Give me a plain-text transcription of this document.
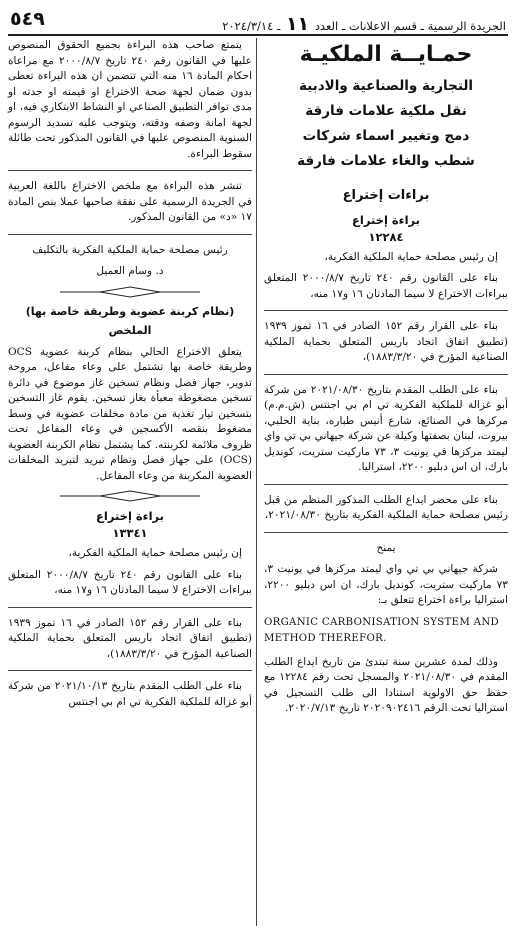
الجريدة الرسمية ـ قسم الاعلانات ـ العدد ١١ ـ ٢٠٢٤/٣/١٤
٥٤٩
حمـايــة الملكيـة
التجارية والصناعية والادبية
نقل ملكية علامات فارقة
دمج وتغيير اسماء شركات
شطب والغاء علامات فارقة
براءات إختراع
براءة إختراع
١٢٢٨٤

إن رئيس مصلحة حماية الملكية الفكرية،

بناء على القانون رقم ٢٤٠ تاريخ ٢٠٠٠/٨/٧ المتعلق ببراءات الاختراع لا سيما المادتان ١٦ و١٧ منه،

بناء على القرار رقم ١٥٢ الصادر في ١٦ تموز ١٩٣٩ (تطبيق اتفاق اتحاد باريس المتعلق بحماية الملكية الصناعية المؤرخ في ١٨٨٣/٣/٢٠)،

بناء على الطلب المقدم بتاريخ ٢٠٢١/٠٨/٣٠ من شركة أبو غزالة للملكية الفكرية تي ام بي اجنتس (ش.م.م) مركزها في الصنائع، شارع أنيس طباره، بناية الحلبي، بيروت، لبنان بصفتها وكيلة عن شركة جيهاني بي تي واي ليمتد مركزها في يونيت ٣، ٧٣ ماركيت ستريت، كونديل بارك، ان اس دبليو ٢٢٠٠، استراليا.

بناء على محضر ايداع الطلب المذكور المنظم من قبل رئيس مصلحة حماية الملكية الفكرية بتاريخ ٢٠٢١/٠٨/٣٠،

يمنح

شركة جيهاني بي تي واي ليمتد مركزها في يونيت ٣، ٧٣ ماركيت ستريت، كونديل بارك، ان اس دبليو ٢٢٠٠، استراليا براءة اختراع تتعلق بـ:

ORGANIC CARBONISATION SYSTEM AND METHOD THEREFOR.

وذلك لمدة عشرين سنة تبتدئ من تاريخ ايداع الطلب المقدم في ٢٠٢١/٠٨/٣٠ والمسجل تحت رقم ١٢٢٨٤ مع حفظ حق الاولوية استنادا الى طلب التسجيل في استراليا تحت الرقم ٢٠٢٠٩٠٢٤١٦ تاريخ ٢٠٢٠/٧/١٣.

يتمتع صاحب هذه البراءة بجميع الحقوق المنصوص عليها في القانون رقم ٢٤٠ تاريخ ٢٠٠٠/٨/٧ مع مراعاة احكام المادة ١٦ منه التي تتضمن ان هذه البراءة تعطى بدون ضمان لجهة صحة الاختراع او قيمته او جدته او مدى توافر التطبيق الصناعي او النشاط الابتكاري فيه، او لجهة امانة وصفه ودقته، ويتوجب عليه تسديد الرسوم السنوية المنصوص عليها في القانون المذكور تحت طائلة سقوط البراءة.

تنشر هذه البراءة مع ملخص الاختراع باللغة العربية في الجريدة الرسمية على نفقة صاحبها عملا بنص المادة ١٧ «د» من القانون المذكور.

رئيس مصلحة حماية الملكية الفكرية بالتكليف

د. وسام العميل

(نظام كربنة عضوية وطريقة خاصة بها)
الملخص

يتعلق الاختراع الحالي بنظام كربنة عضوية OCS وطريقة خاصة بها تشتمل على وعاء مفاعل، مروحة تدوير، جهاز فصل ونظام تسخين غاز موضوع في دائرة تسخين مضغوطة معبأة بغاز تسخين. يقوم غاز التسخين بتسخين تيار تغذية من مادة مخلفات عضوية في وسط مضغوط بنقصه الأكسجين في وعاء المفاعل تحت ظروف ملائمة لكربنته. كما يشتمل نظام الكربنة العضوية (OCS) على جهاز فصل ونظام تبريد لتبريد المخلفات العضوية المكربنة من وعاء المفاعل.

براءة إختراع
١٣٣٤١

إن رئيس مصلحة حماية الملكية الفكرية،

بناء على القانون رقم ٢٤٠ تاريخ ٢٠٠٠/٨/٧ المتعلق ببراءات الاختراع لا سيما المادتان ١٦ و١٧ منه،

بناء على القرار رقم ١٥٢ الصادر في ١٦ تموز ١٩٣٩ (تطبيق اتفاق اتحاد باريس المتعلق بحماية الملكية الصناعية المؤرخ في ١٨٨٣/٣/٢٠)،

بناء على الطلب المقدم بتاريخ ٢٠٢١/١٠/١٣ من شركة أبو غزالة للملكية الفكرية تي ام بي اجنتس
